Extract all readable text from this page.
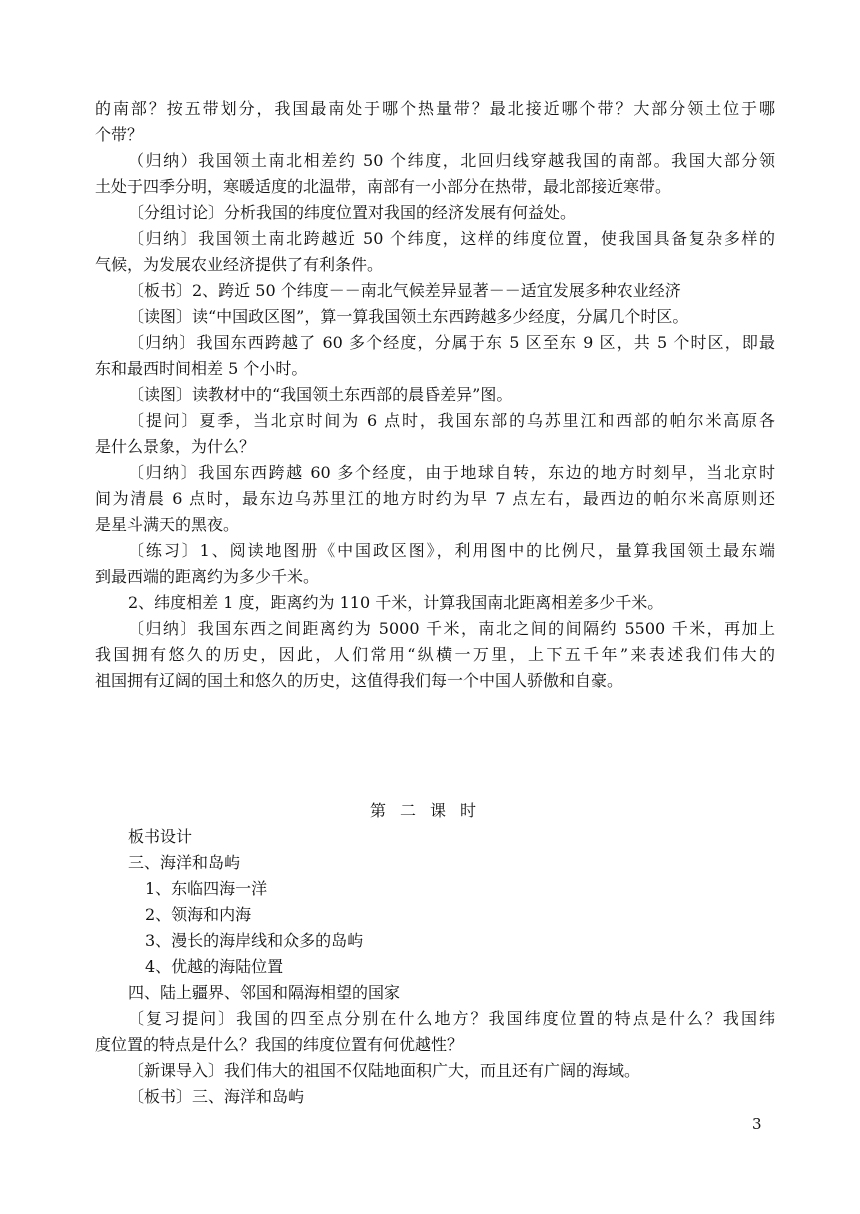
的南部？按五带划分，我国最南处于哪个热量带？最北接近哪个带？大部分领土位于哪
个带？
（归纳）我国领土南北相差约 50 个纬度，北回归线穿越我国的南部。我国大部分领
土处于四季分明，寒暖适度的北温带，南部有一小部分在热带，最北部接近寒带。
〔分组讨论〕分析我国的纬度位置对我国的经济发展有何益处。
〔归纳〕我国领土南北跨越近 50 个纬度，这样的纬度位置，使我国具备复杂多样的
气候，为发展农业经济提供了有利条件。
〔板书〕2、跨近 50 个纬度－－南北气候差异显著－－适宜发展多种农业经济
〔读图〕读“中国政区图”，算一算我国领土东西跨越多少经度，分属几个时区。
〔归纳〕我国东西跨越了 60 多个经度，分属于东 5 区至东 9 区，共 5 个时区，即最
东和最西时间相差 5 个小时。
〔读图〕读教材中的“我国领土东西部的晨昏差异”图。
〔提问〕夏季，当北京时间为 6 点时，我国东部的乌苏里江和西部的帕尔米高原各
是什么景象，为什么？
〔归纳〕我国东西跨越 60 多个经度，由于地球自转，东边的地方时刻早，当北京时
间为清晨 6 点时，最东边乌苏里江的地方时约为早 7 点左右，最西边的帕尔米高原则还
是星斗满天的黑夜。
〔练习〕1、阅读地图册《中国政区图》，利用图中的比例尺，量算我国领土最东端
到最西端的距离约为多少千米。
2、纬度相差 1 度，距离约为 110 千米，计算我国南北距离相差多少千米。
〔归纳〕我国东西之间距离约为 5000 千米，南北之间的间隔约 5500 千米，再加上
我国拥有悠久的历史，因此，人们常用“纵横一万里，上下五千年”来表述我们伟大的
祖国拥有辽阔的国土和悠久的历史，这值得我们每一个中国人骄傲和自豪。
第二课时
板书设计
三、海洋和岛屿
1、东临四海一洋
2、领海和内海
3、漫长的海岸线和众多的岛屿
4、优越的海陆位置
四、陆上疆界、邻国和隔海相望的国家
〔复习提问〕我国的四至点分别在什么地方？我国纬度位置的特点是什么？我国纬
度位置的特点是什么？我国的纬度位置有何优越性？
〔新课导入〕我们伟大的祖国不仅陆地面积广大，而且还有广阔的海域。
〔板书〕三、海洋和岛屿
3
